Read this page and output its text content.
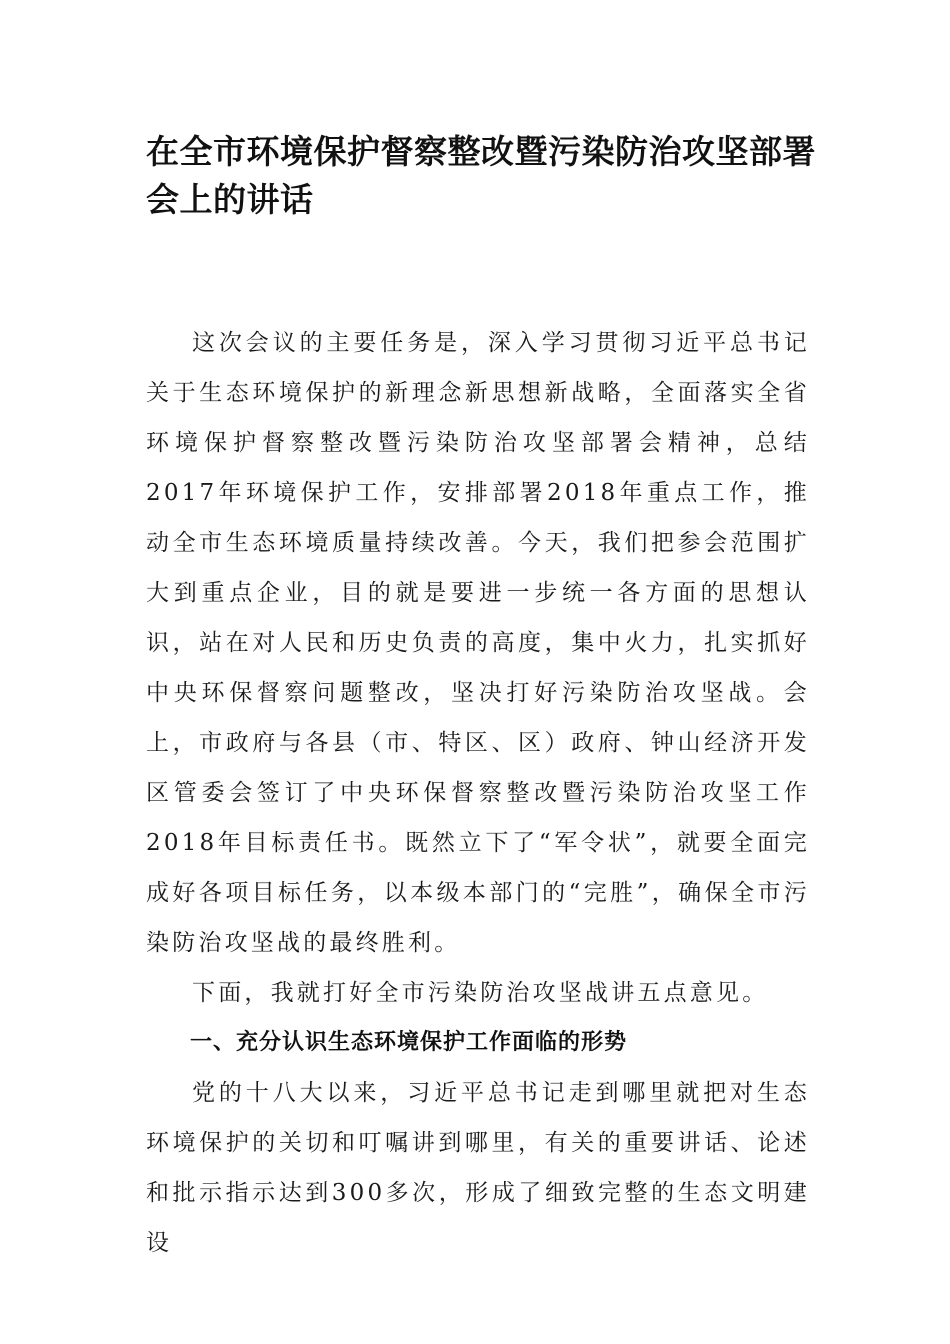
在全市环境保护督察整改暨污染防治攻坚部署会上的讲话

这次会议的主要任务是，深入学习贯彻习近平总书记关于生态环境保护的新理念新思想新战略，全面落实全省环境保护督察整改暨污染防治攻坚部署会精神，总结2017年环境保护工作，安排部署2018年重点工作，推动全市生态环境质量持续改善。今天，我们把参会范围扩大到重点企业，目的就是要进一步统一各方面的思想认识，站在对人民和历史负责的高度，集中火力，扎实抓好中央环保督察问题整改，坚决打好污染防治攻坚战。会上，市政府与各县（市、特区、区）政府、钟山经济开发区管委会签订了中央环保督察整改暨污染防治攻坚工作2018年目标责任书。既然立下了“军令状”，就要全面完成好各项目标任务，以本级本部门的“完胜”，确保全市污染防治攻坚战的最终胜利。

下面，我就打好全市污染防治攻坚战讲五点意见。

一、充分认识生态环境保护工作面临的形势

党的十八大以来，习近平总书记走到哪里就把对生态环境保护的关切和叮嘱讲到哪里，有关的重要讲话、论述和批示指示达到300多次，形成了细致完整的生态文明建设
